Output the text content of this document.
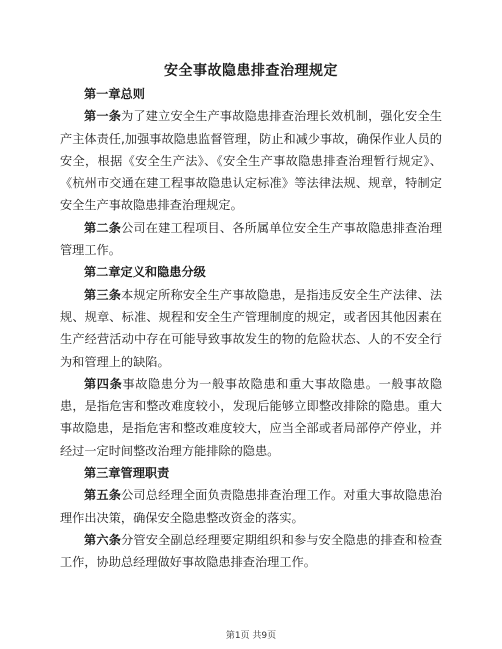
安全事故隐患排查治理规定

第一章总则

第一条为了建立安全生产事故隐患排查治理长效机制，强化安全生产主体责任,加强事故隐患监督管理，防止和减少事故，确保作业人员的安全，根据《安全生产法》、《安全生产事故隐患排查治理暂行规定》、《杭州市交通在建工程事故隐患认定标准》等法律法规、规章，特制定安全生产事故隐患排查治理规定。

第二条公司在建工程项目、各所属单位安全生产事故隐患排查治理管理工作。

第二章定义和隐患分级

第三条本规定所称安全生产事故隐患，是指违反安全生产法律、法规、规章、标准、规程和安全生产管理制度的规定，或者因其他因素在生产经营活动中存在可能导致事故发生的物的危险状态、人的不安全行为和管理上的缺陷。

第四条事故隐患分为一般事故隐患和重大事故隐患。一般事故隐患，是指危害和整改难度较小，发现后能够立即整改排除的隐患。重大事故隐患，是指危害和整改难度较大，应当全部或者局部停产停业，并经过一定时间整改治理方能排除的隐患。

第三章管理职责

第五条公司总经理全面负责隐患排查治理工作。对重大事故隐患治理作出决策，确保安全隐患整改资金的落实。

第六条分管安全副总经理要定期组织和参与安全隐患的排查和检查工作，协助总经理做好事故隐患排查治理工作。

第1页 共9页
